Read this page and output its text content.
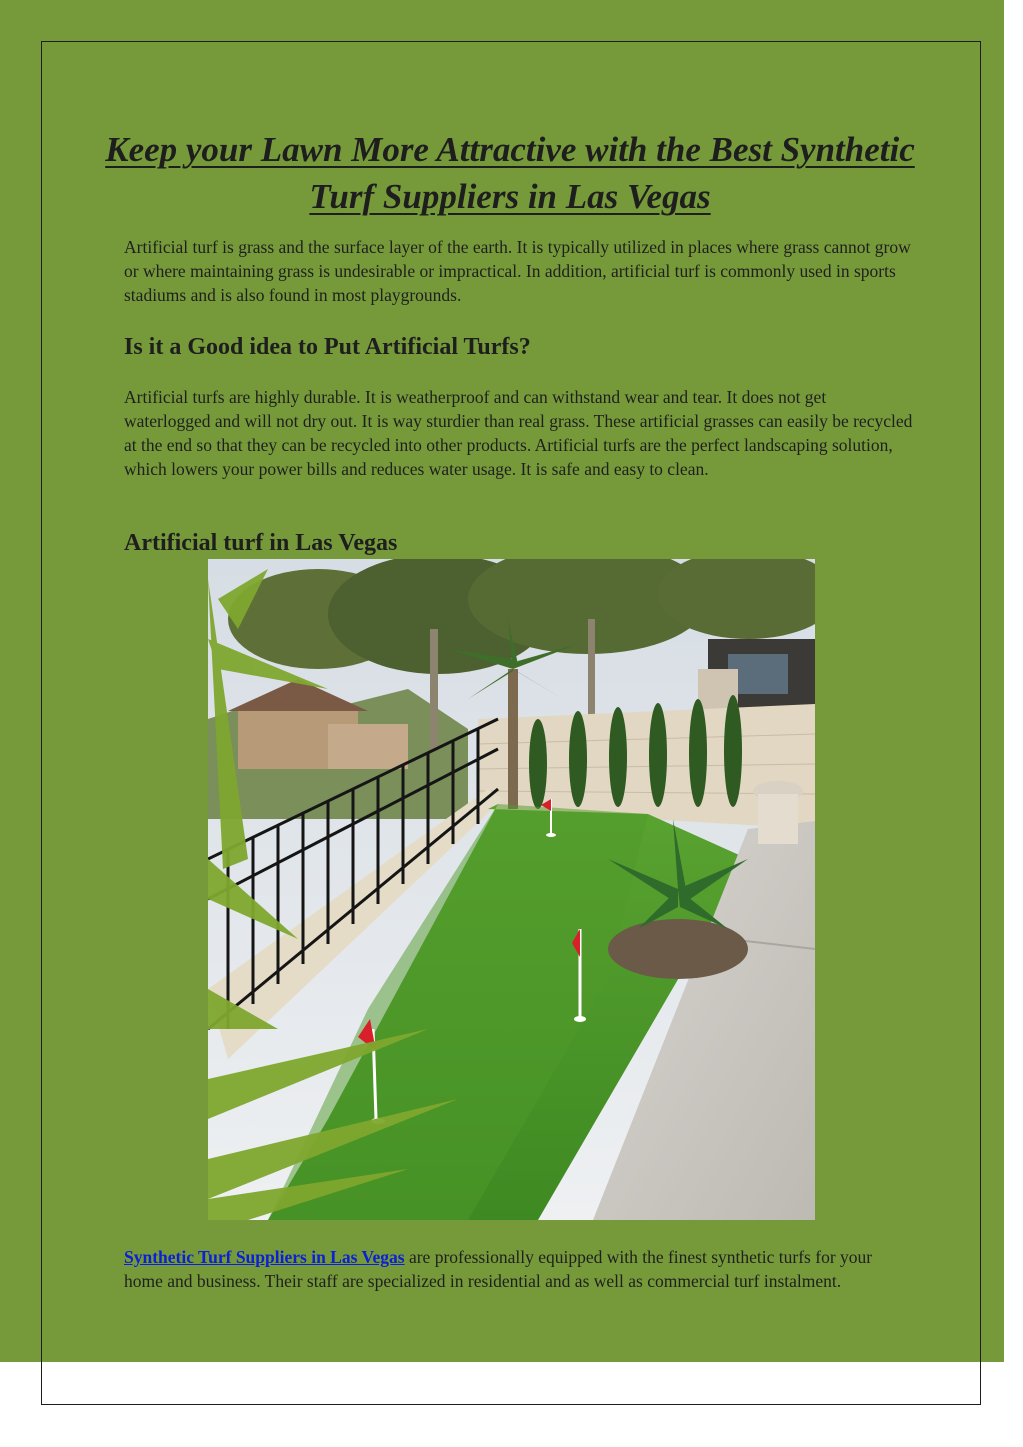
Keep your Lawn More Attractive with the Best Synthetic Turf Suppliers in Las Vegas

Artificial turf is grass and the surface layer of the earth. It is typically utilized in places where grass cannot grow or where maintaining grass is undesirable or impractical. In addition, artificial turf is commonly used in sports stadiums and is also found in most playgrounds.

Is it a Good idea to Put Artificial Turfs?

Artificial turfs are highly durable. It is weatherproof and can withstand wear and tear. It does not get waterlogged and will not dry out. It is way sturdier than real grass. These artificial grasses can easily be recycled at the end so that they can be recycled into other products. Artificial turfs are the perfect landscaping solution, which lowers your power bills and reduces water usage. It is safe and easy to clean.

Artificial turf in Las Vegas

Synthetic Turf Suppliers in Las Vegas are professionally equipped with the finest synthetic turfs for your home and business. Their staff are specialized in residential and as well as commercial turf instalment.
